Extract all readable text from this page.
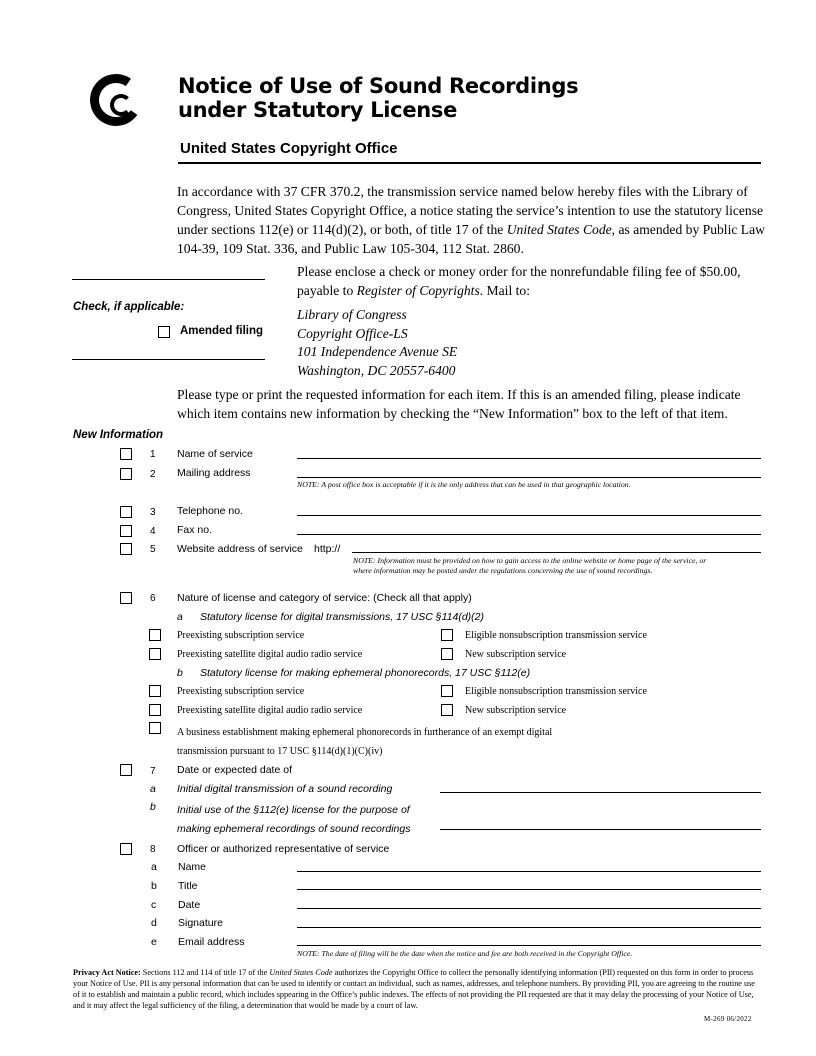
Notice of Use of Sound Recordings
under Statutory License
United States Copyright Office
In accordance with 37 CFR 370.2, the transmission service named below hereby files with the Library of Congress, United States Copyright Office, a notice stating the service’s intention to use the statutory license under sections 112(e) or 114(d)(2), or both, of title 17 of the United States Code, as amended by Public Law 104-39, 109 Stat. 336, and Public Law 105-304, 112 Stat. 2860.
Check, if applicable:
Amended filing
Please enclose a check or money order for the nonrefundable filing fee of $50.00,
payable to Register of Copyrights. Mail to:
Library of Congress
Copyright Office-LS
101 Independence Avenue SE
Washington, DC 20557-6400
Please type or print the requested information for each item. If this is an amended filing, please indicate
which item contains new information by checking the “New Information” box to the left of that item.
New Information
1 Name of service
2 Mailing address
NOTE: A post office box is acceptable if it is the only address that can be used in that geographic location.
3 Telephone no.
4 Fax no.
5 Website address of service http://
NOTE: Information must be provided on how to gain access to the online website or home page of the service, or
where information may be posted under the regulations concerning the use of sound recordings.
6 Nature of license and category of service: (Check all that apply)
a Statutory license for digital transmissions, 17 USC §114(d)(2)
Preexisting subscription service	Eligible nonsubscription transmission service
Preexisting satellite digital audio radio service	New subscription service
b Statutory license for making ephemeral phonorecords, 17 USC §112(e)
Preexisting subscription service	Eligible nonsubscription transmission service
Preexisting satellite digital audio radio service	New subscription service
A business establishment making ephemeral phonorecords in furtherance of an exempt digital
transmission pursuant to 17 USC §114(d)(1)(C)(iv)
7 Date or expected date of
a Initial digital transmission of a sound recording
b Initial use of the §112(e) license for the purpose of
making ephemeral recordings of sound recordings
8 Officer or authorized representative of service
a Name
b Title
c Date
d Signature
e Email address
NOTE: The date of filing will be the date when the notice and fee are both received in the Copyright Office.
Privacy Act Notice: Sections 112 and 114 of title 17 of the United States Code authorizes the Copyright Office to collect the personally identifying information (PII) requested on this form in order to process your Notice of Use. PII is any personal information that can be used to identify or contact an individual, such as names, addresses, and telephone numbers. By providing PII, you are agreeing to the routine use of it to establish and maintain a public record, which includes sppearing in the Office’s public indexes. The effects of not providing the PII requested are that it may delay the processing of your Notice of Use, and it may affect the legal sufficiency of the filing, a determination that would be made by a court of law.
M-269 06/2022
